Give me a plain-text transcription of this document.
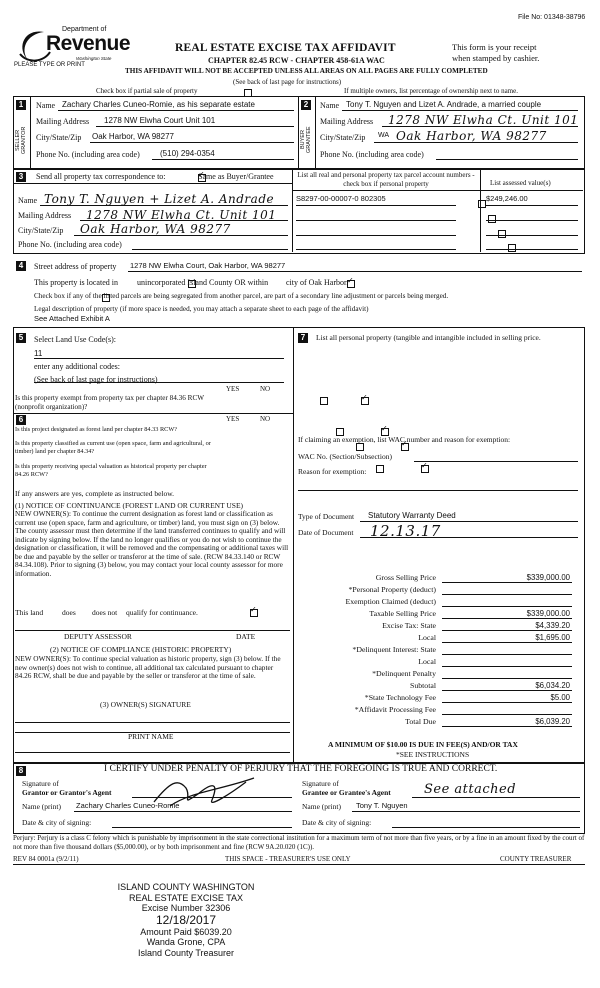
File No: 01348-38796
Department of
Revenue
Washington State
PLEASE TYPE OR PRINT
REAL ESTATE EXCISE TAX AFFIDAVIT
CHAPTER 82.45 RCW - CHAPTER 458-61A WAC
This form is your receipt
when stamped by cashier.
THIS AFFIDAVIT WILL NOT BE ACCEPTED UNLESS ALL AREAS ON ALL PAGES ARE FULLY COMPLETED
(See back of last page for instructions)
Check box if partial sale of property
	If multiple owners, list percentage of ownership next to name.
1
SELLER GRANTOR
Name Zachary Charles Cuneo-Romie, as his separate estate
Mailing Address 1278 NW Elwha Court Unit 101
City/State/Zip Oak Harbor, WA 98277
Phone No. (including area code)	(510) 294-0354
2
BUYER GRANTEE
Name Tony T. Nguyen and Lizet A. Andrade, a married couple
Mailing Address 1278 NW Elwha Ct. Unit 101
City/State/Zip WA Oak Harbor, WA 98277
Phone No. (including area code)
3	Send all property tax correspondence to: ✓	Same as Buyer/Grantee
Name Tony T. Nguyen + Lizet A. Andrade
Mailing Address 1278 NW Elwha Ct. Unit 101
City/State/Zip Oak Harbor, WA 98277
Phone No. (including area code)
List all real and personal property tax parcel account numbers - check box if personal property	List assessed value(s)
S8297-00-00007-0 802305	$249,246.00

4	Street address of property 1278 NW Elwha Court, Oak Harbor, WA 98277
This property is located in
unincorporated Island County OR within ✓ city of Oak Harbor.

Check box if any of the listed parcels are being segregated from another parcel, are part of a secondary line adjustment or parcels being merged.
Legal description of property (if more space is needed, you may attach a separate sheet to each page of the affidavit)
See Attached Exhibit A
5	Select Land Use Code(s):
11
enter any additional codes:
(See back of last page for instructions)
YES	NO
Is this property exempt from property tax per chapter 84.36 RCW (nonprofit organization)?
✓
6	YES	NO
Is this project designated as forest land per chapter 84.33 RCW?
✓
Is this property classified as current use (open space, farm and agricultural, or timber) land per chapter 84.34?
✓
Is this property receiving special valuation as historical property per chapter 84.26 RCW?
✓
If any answers are yes, complete as instructed below.
(1) NOTICE OF CONTINUANCE (FOREST LAND OR CURRENT USE)
NEW OWNER(S): To continue the current designation as forest land or classification as current use (open space, farm and agriculture, or timber) land, you must sign on (3) below. The county assessor must then determine if the land transferred continues to qualify and will indicate by signing below. If the land no longer qualifies or you do not wish to continue the designation or classification, it will be removed and the compensating or additional taxes will be due and payable by the seller or transferor at the time of sale. (RCW 84.33.140 or RCW 84.34.108). Prior to signing (3) below, you may contact your local county assessor for more information.
This land	does ✓ does not qualify for continuance.
DEPUTY ASSESSOR	DATE
(2) NOTICE OF COMPLIANCE (HISTORIC PROPERTY)
NEW OWNER(S): To continue special valuation as historic property, sign (3) below. If the new owner(s) does not wish to continue, all additional tax calculated pursuant to chapter 84.26 RCW, shall be due and payable by the seller or transferor at the time of sale.
(3) OWNER(S) SIGNATURE
PRINT NAME
7	List all personal property (tangible and intangible included in selling price.
If claiming an exemption, list WAC number and reason for exemption:
WAC No. (Section/Subsection)
Reason for exemption:
Type of Document Statutory Warranty Deed
Date of Document 12.13.17
Gross Selling Price	$339,000.00
*Personal Property (deduct)
Exemption Claimed (deduct)
Taxable Selling Price	$339,000.00
Excise Tax: State	$4,339.20
Local	$1,695.00
*Delinquent Interest: State
Local
*Delinquent Penalty
Subtotal	$6,034.20
*State Technology Fee	$5.00
*Affidavit Processing Fee
Total Due	$6,039.20
A MINIMUM OF $10.00 IS DUE IN FEE(S) AND/OR TAX
*SEE INSTRUCTIONS
8	I CERTIFY UNDER PENALTY OF PERJURY THAT THE FOREGOING IS TRUE AND CORRECT.
Signature of
Grantor or Grantor's Agent
Signature of
Grantee or Grantee's Agent	See attached
Name (print) Zachary Charles Cuneo-Romie	Name (print) Tony T. Nguyen
Date & city of signing:	Date & city of signing:
Perjury: Perjury is a class C felony which is punishable by imprisonment in the state correctional institution for a maximum term of not more than five years, or by a fine in an amount fixed by the court of not more than five thousand dollars ($5,000.00), or by both imprisonment and fine (RCW 9A.20.020 (1C)).
REV 84 0001a (9/2/11)	THIS SPACE - TREASURER'S USE ONLY	COUNTY TREASURER
ISLAND COUNTY WASHINGTON
REAL ESTATE EXCISE TAX
Excise Number 32306
12/18/2017
Amount Paid $6039.20
Wanda Grone, CPA
Island County Treasurer
